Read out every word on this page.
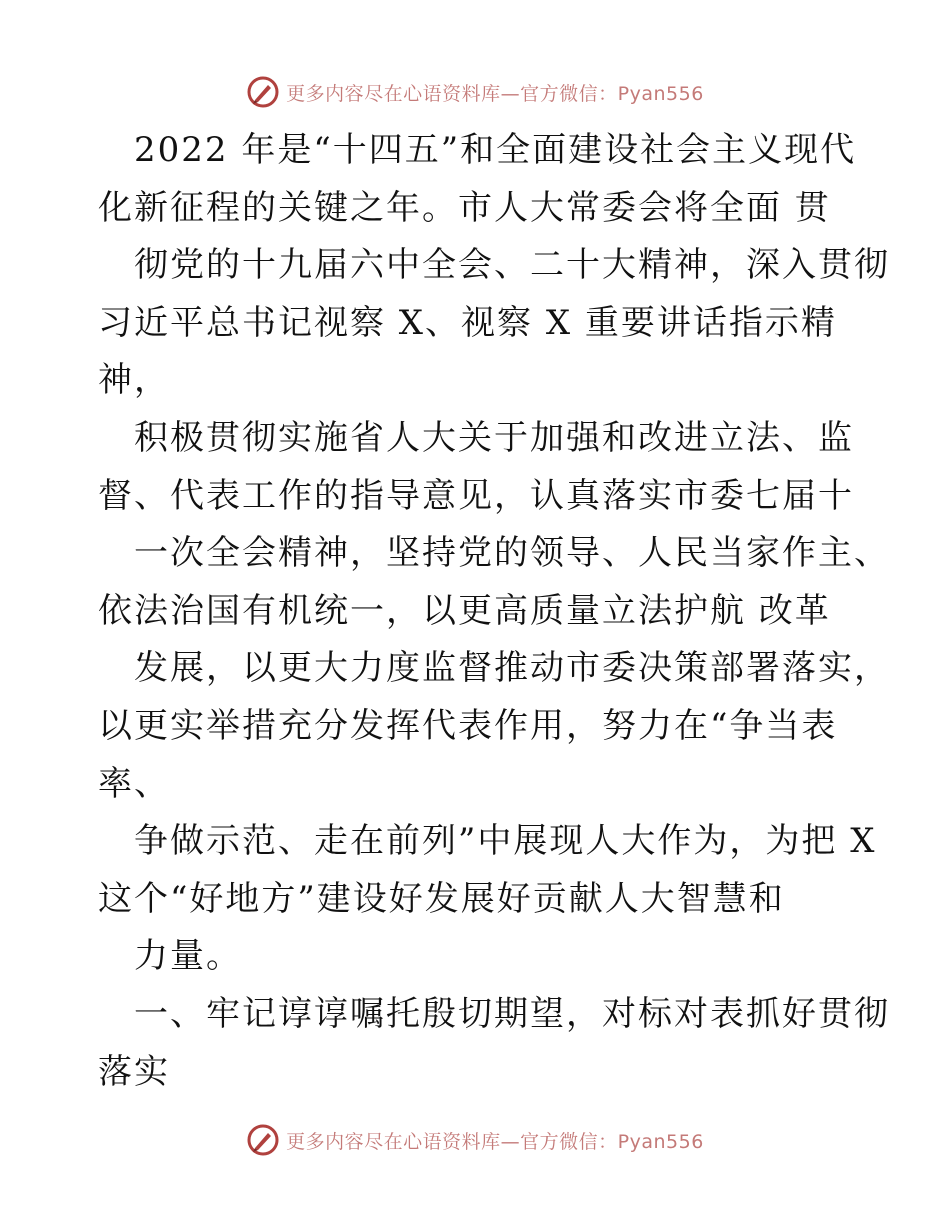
更多内容尽在心语资料库—官方微信：Pyan556
2022 年是“十四五”和全面建设社会主义现代
化新征程的关键之年。市人大常委会将全面 贯
彻党的十九届六中全会、二十大精神，深入贯彻
习近平总书记视察 X、视察 X 重要讲话指示精
神，
积极贯彻实施省人大关于加强和改进立法、监
督、代表工作的指导意见，认真落实市委七届十
一次全会精神，坚持党的领导、人民当家作主、
依法治国有机统一，以更高质量立法护航 改革
发展，以更大力度监督推动市委决策部署落实，
以更实举措充分发挥代表作用，努力在“争当表
率、
争做示范、走在前列”中展现人大作为，为把 X
这个“好地方”建设好发展好贡献人大智慧和
力量。
一、牢记谆谆嘱托殷切期望，对标对表抓好贯彻
落实
更多内容尽在心语资料库—官方微信：Pyan556
